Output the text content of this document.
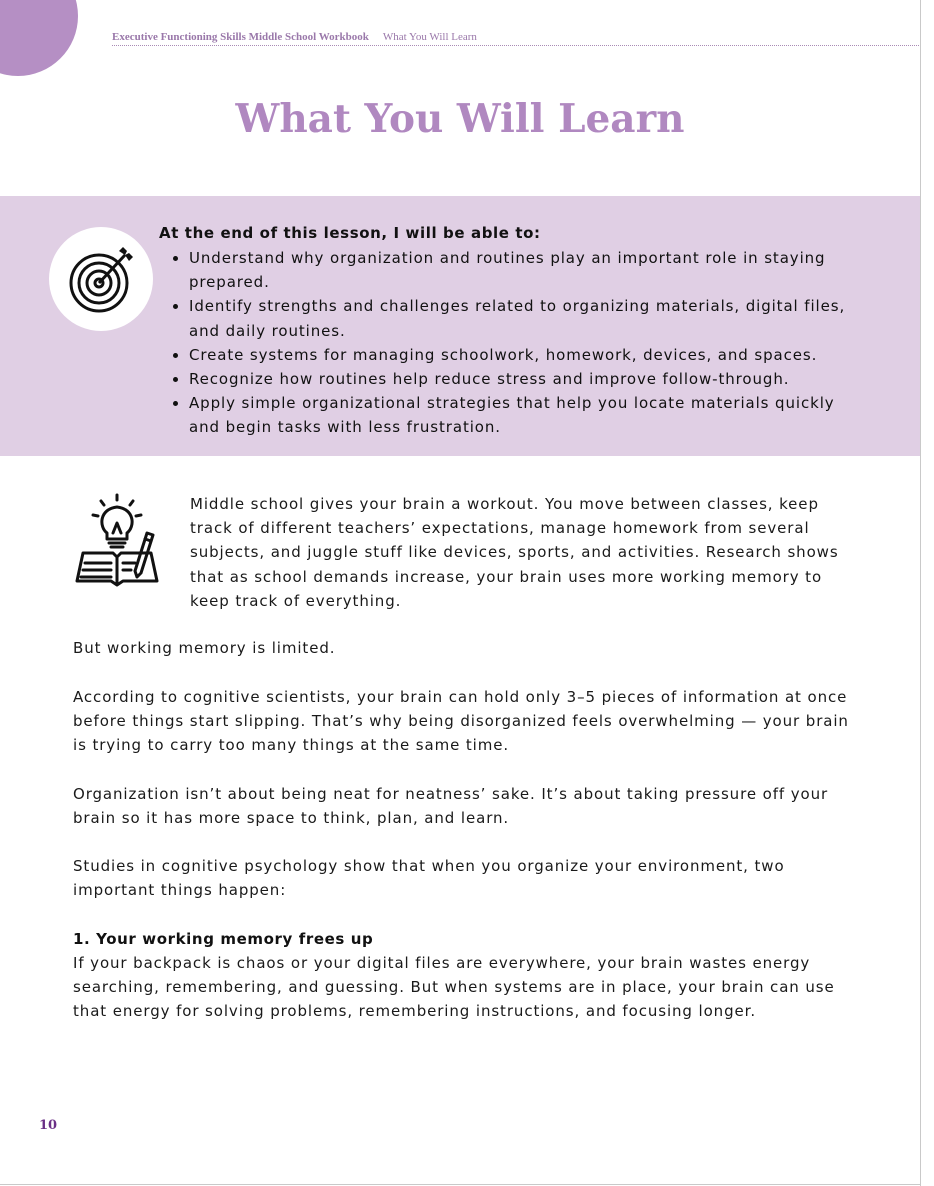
Executive Functioning Skills Middle School Workbook What You Will Learn
What You Will Learn

At the end of this lesson, I will be able to:

• Understand why organization and routines play an important role in staying prepared.
• Identify strengths and challenges related to organizing materials, digital files, and daily routines.
• Create systems for managing schoolwork, homework, devices, and spaces.
• Recognize how routines help reduce stress and improve follow-through.
• Apply simple organizational strategies that help you locate materials quickly and begin tasks with less frustration.

Middle school gives your brain a workout. You move between classes, keep track of different teachers’ expectations, manage homework from several subjects, and juggle stuff like devices, sports, and activities. Research shows that as school demands increase, your brain uses more working memory to keep track of everything.

But working memory is limited.

According to cognitive scientists, your brain can hold only 3–5 pieces of information at once before things start slipping. That’s why being disorganized feels overwhelming — your brain is trying to carry too many things at the same time.

Organization isn’t about being neat for neatness’ sake. It’s about taking pressure off your brain so it has more space to think, plan, and learn.

Studies in cognitive psychology show that when you organize your environment, two important things happen:

1. Your working memory frees up

If your backpack is chaos or your digital files are everywhere, your brain wastes energy searching, remembering, and guessing. But when systems are in place, your brain can use that energy for solving problems, remembering instructions, and focusing longer.

10
